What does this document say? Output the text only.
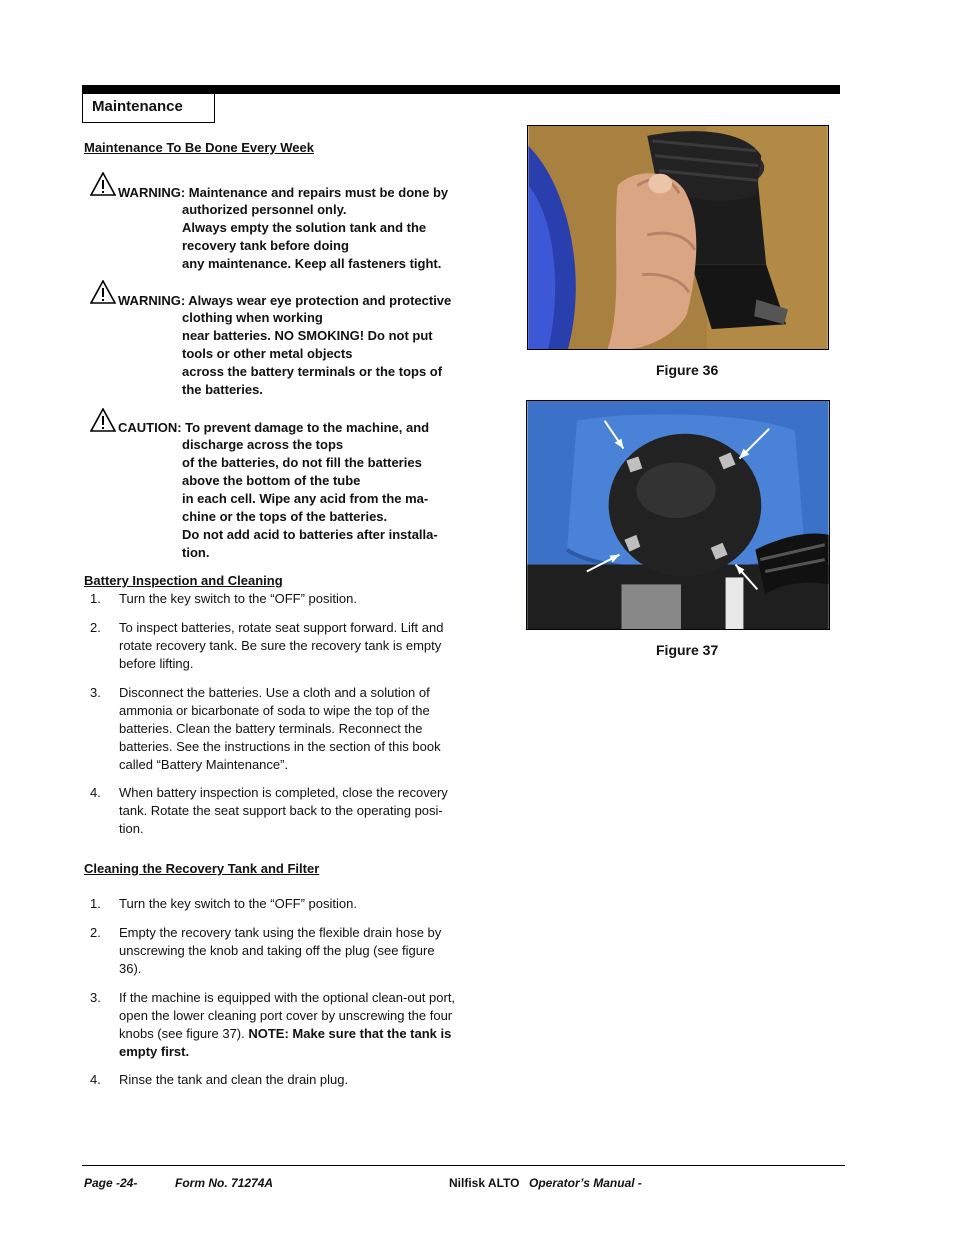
Maintenance
Maintenance To Be Done Every Week
WARNING: Maintenance and repairs must be done by
authorized personnel only.
Always empty the solution tank and the
recovery tank before doing
any maintenance. Keep all fasteners tight.
WARNING: Always wear eye protection and protective
clothing when working
near batteries. NO SMOKING! Do not put
tools or other metal objects
across the battery terminals or the tops of
the batteries.
CAUTION: To prevent damage to the machine, and
discharge across the tops
of the batteries, do not fill the batteries
above the bottom of the tube
in each cell. Wipe any acid from the ma-
chine or the tops of the batteries.
Do not add acid to batteries after installa-
tion.
Battery Inspection and Cleaning
1. Turn the key switch to the “OFF” position.
2. To inspect batteries, rotate seat support forward. Lift and
rotate recovery tank. Be sure the recovery tank is empty
before lifting.
3. Disconnect the batteries. Use a cloth and a solution of
ammonia or bicarbonate of soda to wipe the top of the
batteries. Clean the battery terminals. Reconnect the
batteries. See the instructions in the section of this book
called “Battery Maintenance”.
4. When battery inspection is completed, close the recovery
tank. Rotate the seat support back to the operating posi-
tion.
Cleaning the Recovery Tank and Filter
1. Turn the key switch to the “OFF” position.
2. Empty the recovery tank using the flexible drain hose by
unscrewing the knob and taking off the plug (see figure
36).
3. If the machine is equipped with the optional clean-out port,
open the lower cleaning port cover by unscrewing the four
knobs (see figure 37). NOTE: Make sure that the tank is
empty first.
4. Rinse the tank and clean the drain plug.
Figure 36
Figure 37
Page -24-	Form No. 71274A	Nilfisk ALTO Operator’s Manual -
